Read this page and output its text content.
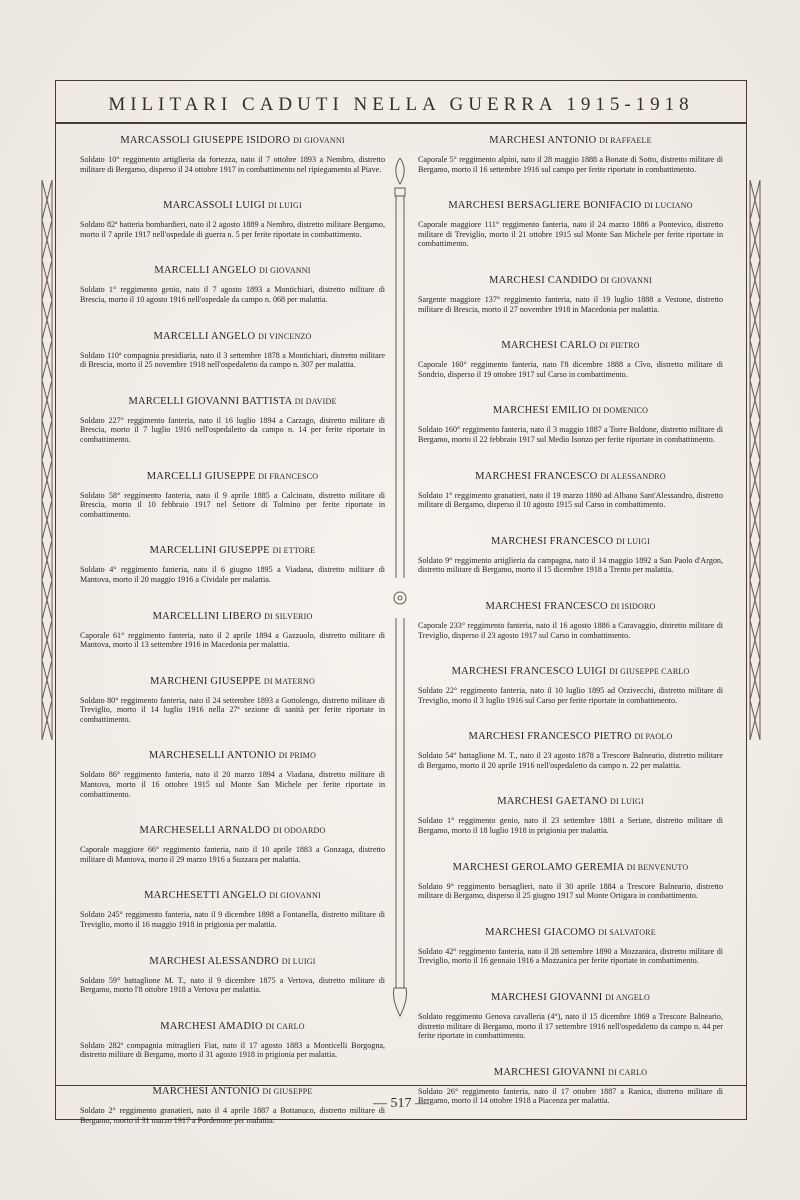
MILITARI CADUTI NELLA GUERRA 1915-1918
MARCASSOLI GIUSEPPE ISIDORO DI GIOVANNI

Soldato 10° reggimento artiglieria da fortezza, nato il 7 ottobre 1893 a Nembro, distretto militare di Bergamo, disperso il 24 ottobre 1917 in combattimento nel ripiegamento al Piave.

MARCASSOLI LUIGI DI LUIGI

Soldato 82ª batteria bombardieri, nato il 2 agosto 1889 a Nembro, distretto militare Bergamo, morto il 7 aprile 1917 nell'ospedale di guerra n. 5 per ferite riportate in combattimento.

MARCELLI ANGELO DI GIOVANNI

Soldato 1° reggimento genio, nato il 7 agosto 1893 a Montichiari, distretto militare di Brescia, morto il 10 agosto 1916 nell'ospedale da campo n. 068 per malattia.

MARCELLI ANGELO DI VINCENZO

Soldato 110ª compagnia presidiaria, nato il 3 settembre 1878 a Montichiari, distretto militare di Brescia, morto il 25 novembre 1918 nell'ospedaletto da campo n. 307 per malattia.

MARCELLI GIOVANNI BATTISTA DI DAVIDE

Soldato 227° reggimento fanteria, nato il 16 luglio 1894 a Carzago, distretto militare di Brescia, morto il 7 luglio 1916 nell'ospedaletto da campo n. 14 per ferite riportate in combattimento.

MARCELLI GIUSEPPE DI FRANCESCO

Soldato 58° reggimento fanteria, nato il 9 aprile 1885 a Calcinato, distretto militare di Brescia, morto il 10 febbraio 1917 nel Settore di Tolmino per ferite riportate in combattimento.

MARCELLINI GIUSEPPE DI ETTORE

Soldato 4° reggimento fanteria, nato il 6 giugno 1895 a Viadana, distretto militare di Mantova, morto il 20 maggio 1916 a Cividale per malattia.

MARCELLINI LIBERO DI SILVERIO

Caporale 61° reggimento fanteria, nato il 2 aprile 1894 a Gazzuolo, distretto militare di Mantova, morto il 13 settembre 1916 in Macedonia per malattia.

MARCHENI GIUSEPPE DI MATERNO

Soldato 80° reggimento fanteria, nato il 24 settembre 1893 a Gottolengo, distretto militare di Treviglio, morto il 14 luglio 1916 nella 27ª sezione di sanità per ferite riportate in combattimento.

MARCHESELLI ANTONIO DI PRIMO

Soldato 86° reggimento fanteria, nato il 20 marzo 1894 a Viadana, distretto militare di Mantova, morto il 16 ottobre 1915 sul Monte San Michele per ferite riportate in combattimento.

MARCHESELLI ARNALDO DI ODOARDO

Caporale maggiore 66° reggimento fanteria, nato il 10 aprile 1883 a Gonzaga, distretto militare di Mantova, morto il 29 marzo 1916 a Suzzara per malattia.

MARCHESETTI ANGELO DI GIOVANNI

Soldato 245° reggimento fanteria, nato il 9 dicembre 1898 a Fontanella, distretto militare di Treviglio, morto il 16 maggio 1918 in prigionia per malattia.

MARCHESI ALESSANDRO DI LUIGI

Soldato 59° battaglione M. T., nato il 9 dicembre 1875 a Vertova, distretto militare di Bergamo, morto l'8 ottobre 1918 a Vertova per malattia.

MARCHESI AMADIO DI CARLO

Soldato 282ª compagnia mitraglieri Fiat, nato il 17 agosto 1883 a Monticelli Borgogna, distretto militare di Bergamo, morto il 31 agosto 1918 in prigionia per malattia.

MARCHESI ANTONIO DI GIUSEPPE

Soldato 2° reggimento granatieri, nato il 4 aprile 1887 a Bottanuco, distretto militare di Bergamo, morto il 31 marzo 1917 a Pordenone per malattia.

MARCHESI ANTONIO DI RAFFAELE

Caporale 5° reggimento alpini, nato il 28 maggio 1888 a Bonate di Sotto, distretto militare di Bergamo, morto il 16 settembre 1916 sul campo per ferite riportate in combattimento.

MARCHESI BERSAGLIERE BONIFACIO DI LUCIANO

Caporale maggiore 111° reggimento fanteria, nato il 24 marzo 1886 a Pontevico, distretto militare di Treviglio, morto il 21 ottobre 1915 sul Monte San Michele per ferite riportate in combattimento.

MARCHESI CANDIDO DI GIOVANNI

Sargente maggiore 137° reggimento fanteria, nato il 19 luglio 1888 a Vestone, distretto militare di Brescia, morto il 27 novembre 1918 in Macedonia per malattia.

MARCHESI CARLO DI PIETRO

Caporale 160° reggimento fanteria, nato l'8 dicembre 1888 a Cîvo, distretto militare di Sondrio, disperso il 19 ottobre 1917 sul Carso in combattimento.

MARCHESI EMILIO DI DOMENICO

Soldato 160° reggimento fanteria, nato il 3 maggio 1887 a Torre Boldone, distretto militare di Bergamo, morto il 22 febbraio 1917 sul Medio Isonzo per ferite riportate in combattimento.

MARCHESI FRANCESCO DI ALESSANDRO

Soldato 1° reggimento granatieri, nato il 19 marzo 1890 ad Albano Sant'Alessandro, distretto militare di Bergamo, disperso il 10 agosto 1915 sul Carso in combattimento.

MARCHESI FRANCESCO DI LUIGI

Soldato 9° reggimento artiglieria da campagna, nato il 14 maggio 1892 a San Paolo d'Argon, distretto militare di Bergamo, morto il 15 dicembre 1918 a Trento per malattia.

MARCHESI FRANCESCO DI ISIDORO

Caporale 233° reggimento fanteria, nato il 16 agosto 1886 a Caravaggio, distretto militare di Treviglio, disperso il 23 agosto 1917 sul Carso in combattimento.

MARCHESI FRANCESCO LUIGI DI GIUSEPPE CARLO

Soldato 22° reggimento fanteria, nato il 10 luglio 1895 ad Orzivecchi, distretto militare di Treviglio, morto il 3 luglio 1916 sul Carso per ferite riportate in combattimento.

MARCHESI FRANCESCO PIETRO DI PAOLO

Soldato 54° battaglione M. T., nato il 23 agosto 1878 a Trescore Balneario, distretto militare di Bergamo, morto il 20 aprile 1916 nell'ospedaletto da campo n. 22 per malattia.

MARCHESI GAETANO DI LUIGI

Soldato 1° reggimento genio, nato il 23 settembre 1881 a Seriate, distretto militare di Bergamo, morto il 18 luglio 1918 in prigionia per malattia.

MARCHESI GEROLAMO GEREMIA DI BENVENUTO

Soldato 9° reggimento bersaglieri, nato il 30 aprile 1884 a Trescore Balneario, distretto militare di Bergamo, disperso il 25 giugno 1917 sul Monte Ortigara in combattimento.

MARCHESI GIACOMO DI SALVATORE

Soldato 42° reggimento fanteria, nato il 28 settembre 1890 a Mozzanica, distretto militare di Treviglio, morto il 16 gennaio 1916 a Mozzanica per ferite riportate in combattimento.

MARCHESI GIOVANNI DI ANGELO

Soldato reggimento Genova cavalleria (4°), nato il 15 dicembre 1869 a Trescore Balneario, distretto militare di Bergamo, morto il 17 settembre 1916 nell'ospedaletto da campo n. 44 per ferite riportate in combattimento.

MARCHESI GIOVANNI DI CARLO

Soldato 26° reggimento fanteria, nato il 17 ottobre 1887 a Ranica, distretto militare di Bergamo, morto il 14 ottobre 1918 a Piacenza per malattia.

— 517 —
